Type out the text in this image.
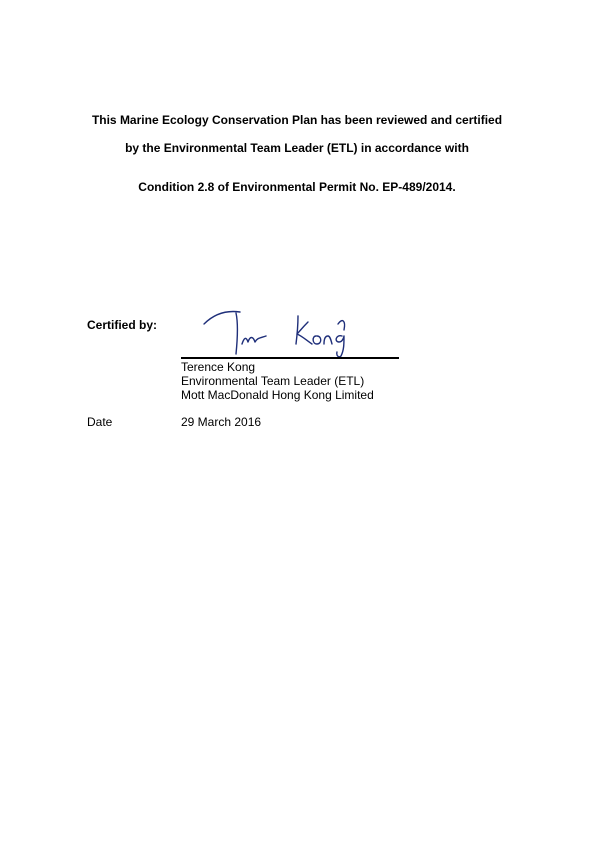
This Marine Ecology Conservation Plan has been reviewed and certified
by the Environmental Team Leader (ETL) in accordance with
Condition 2.8 of Environmental Permit No. EP-489/2014.
Certified by:
Terence Kong
Environmental Team Leader (ETL)
Mott MacDonald Hong Kong Limited
Date	29 March 2016
